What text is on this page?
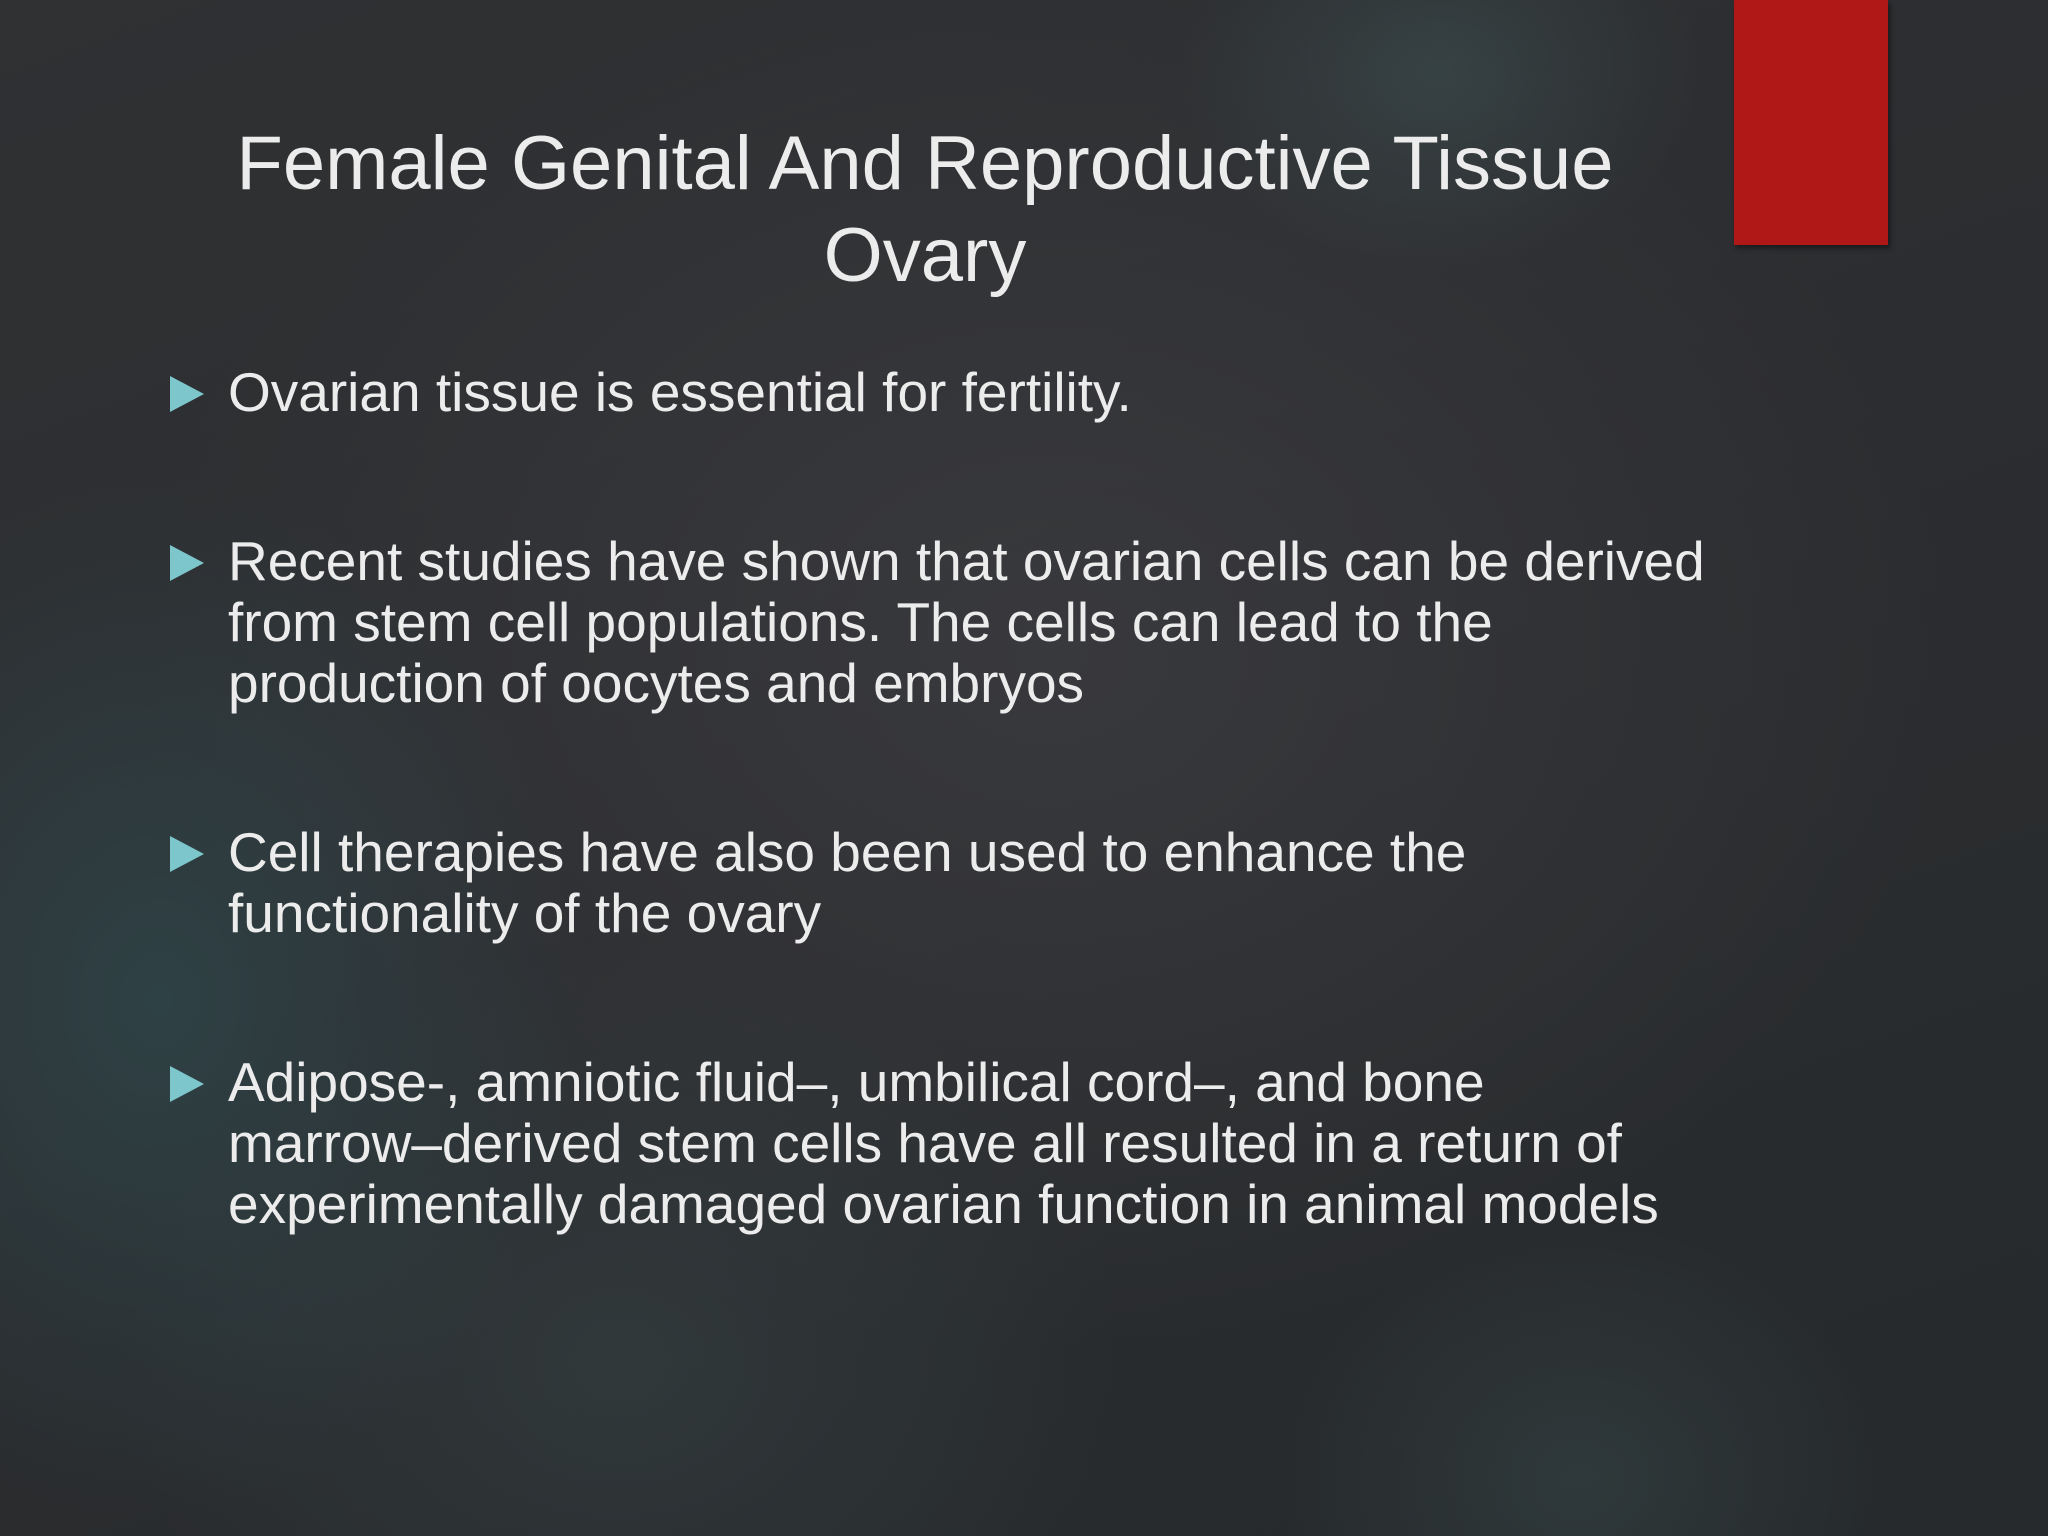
Female Genital And Reproductive Tissue
Ovary
Ovarian tissue is essential for fertility.
Recent studies have shown that ovarian cells can be derived
from stem cell populations. The cells can lead to the
production of oocytes and embryos
Cell therapies have also been used to enhance the
functionality of the ovary
Adipose-, amniotic fluid–, umbilical cord–, and bone
marrow–derived stem cells have all resulted in a return of
experimentally damaged ovarian function in animal models
